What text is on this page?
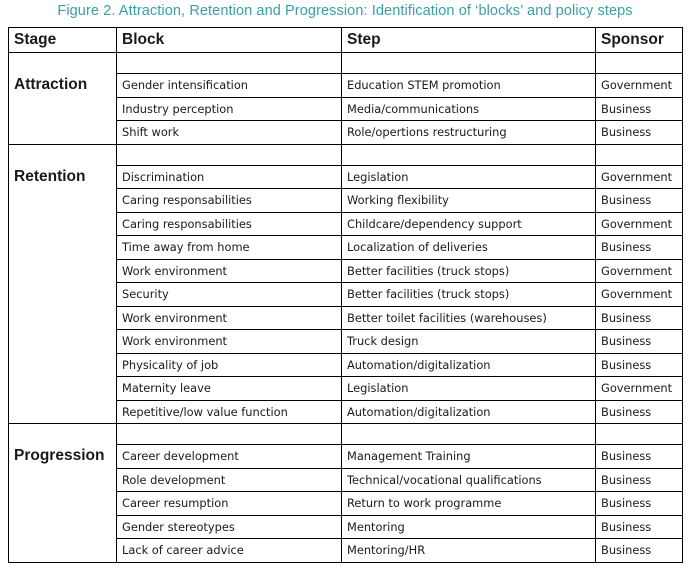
Figure 2. Attraction, Retention and Progression: Identification of ‘blocks’ and policy steps

Stage	Block	Step	Sponsor

Attraction	Gender intensification	Education STEM promotion	Government
	Industry perception	Media/communications	Business
	Shift work	Role/opertions restructuring	Business

Retention	Discrimination	Legislation	Government
	Caring responsabilities	Working flexibility	Business
	Caring responsabilities	Childcare/dependency support	Government
	Time away from home	Localization of deliveries	Business
	Work environment	Better facilities (truck stops)	Government
	Security	Better facilities (truck stops)	Government
	Work environment	Better toilet facilities (warehouses)	Business
	Work environment	Truck design	Business
	Physicality of job	Automation/digitalization	Business
	Maternity leave	Legislation	Government
	Repetitive/low value function	Automation/digitalization	Business

Progression	Career development	Management Training	Business
	Role development	Technical/vocational qualifications	Business
	Career resumption	Return to work programme	Business
	Gender stereotypes	Mentoring	Business
	Lack of career advice	Mentoring/HR	Business
